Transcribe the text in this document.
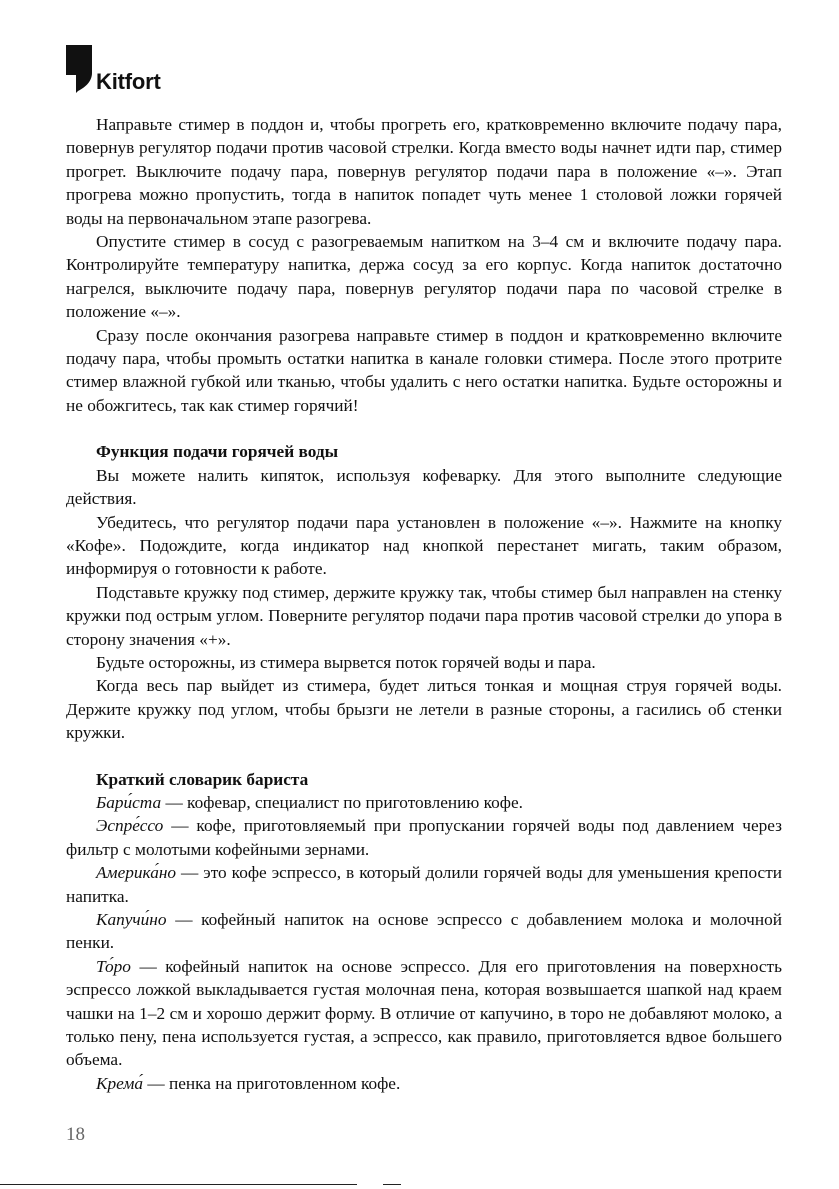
Kitfort

Направьте стимер в поддон и, чтобы прогреть его, кратковременно включите подачу пара, повернув регулятор подачи против часовой стрелки. Когда вместо воды начнет идти пар, стимер прогрет. Выключите подачу пара, повернув регулятор подачи пара в положение «–». Этап прогрева можно пропустить, тогда в напиток попадет чуть менее 1 столовой ложки горячей воды на первоначальном этапе разогрева.

Опустите стимер в сосуд с разогреваемым напитком на 3–4 см и включите подачу пара. Контролируйте температуру напитка, держа сосуд за его корпус. Когда напиток достаточно нагрелся, выключите подачу пара, повернув регулятор подачи пара по часовой стрелке в положение «–».

Сразу после окончания разогрева направьте стимер в поддон и кратковременно включите подачу пара, чтобы промыть остатки напитка в канале головки стимера. После этого протрите стимер влажной губкой или тканью, чтобы удалить с него остатки напитка. Будьте осторожны и не обожгитесь, так как стимер горячий!

Функция подачи горячей воды

Вы можете налить кипяток, используя кофеварку. Для этого выполните следующие действия.

Убедитесь, что регулятор подачи пара установлен в положение «–». Нажмите на кнопку «Кофе». Подождите, когда индикатор над кнопкой перестанет мигать, таким образом, информируя о готовности к работе.

Подставьте кружку под стимер, держите кружку так, чтобы стимер был направлен на стенку кружки под острым углом. Поверните регулятор подачи пара против часовой стрелки до упора в сторону значения «+».

Будьте осторожны, из стимера вырвется поток горячей воды и пара.

Когда весь пар выйдет из стимера, будет литься тонкая и мощная струя горячей воды. Держите кружку под углом, чтобы брызги не летели в разные стороны, а гасились об стенки кружки.

Краткий словарик бариста

Бари́ста — кофевар, специалист по приготовлению кофе.

Эспре́ссо — кофе, приготовляемый при пропускании горячей воды под давлением через фильтр с молотыми кофейными зернами.

Америка́но — это кофе эспрессо, в который долили горячей воды для уменьшения крепости напитка.

Капучи́но — кофейный напиток на основе эспрессо с добавлением молока и молочной пенки.

То́ро — кофейный напиток на основе эспрессо. Для его приготовления на поверхность эспрессо ложкой выкладывается густая молочная пена, которая возвышается шапкой над краем чашки на 1–2 см и хорошо держит форму. В отличие от капучино, в торо не добавляют молоко, а только пену, пена используется густая, а эспрессо, как правило, приготовляется вдвое большего объема.

Крема́ — пенка на приготовленном кофе.

18
